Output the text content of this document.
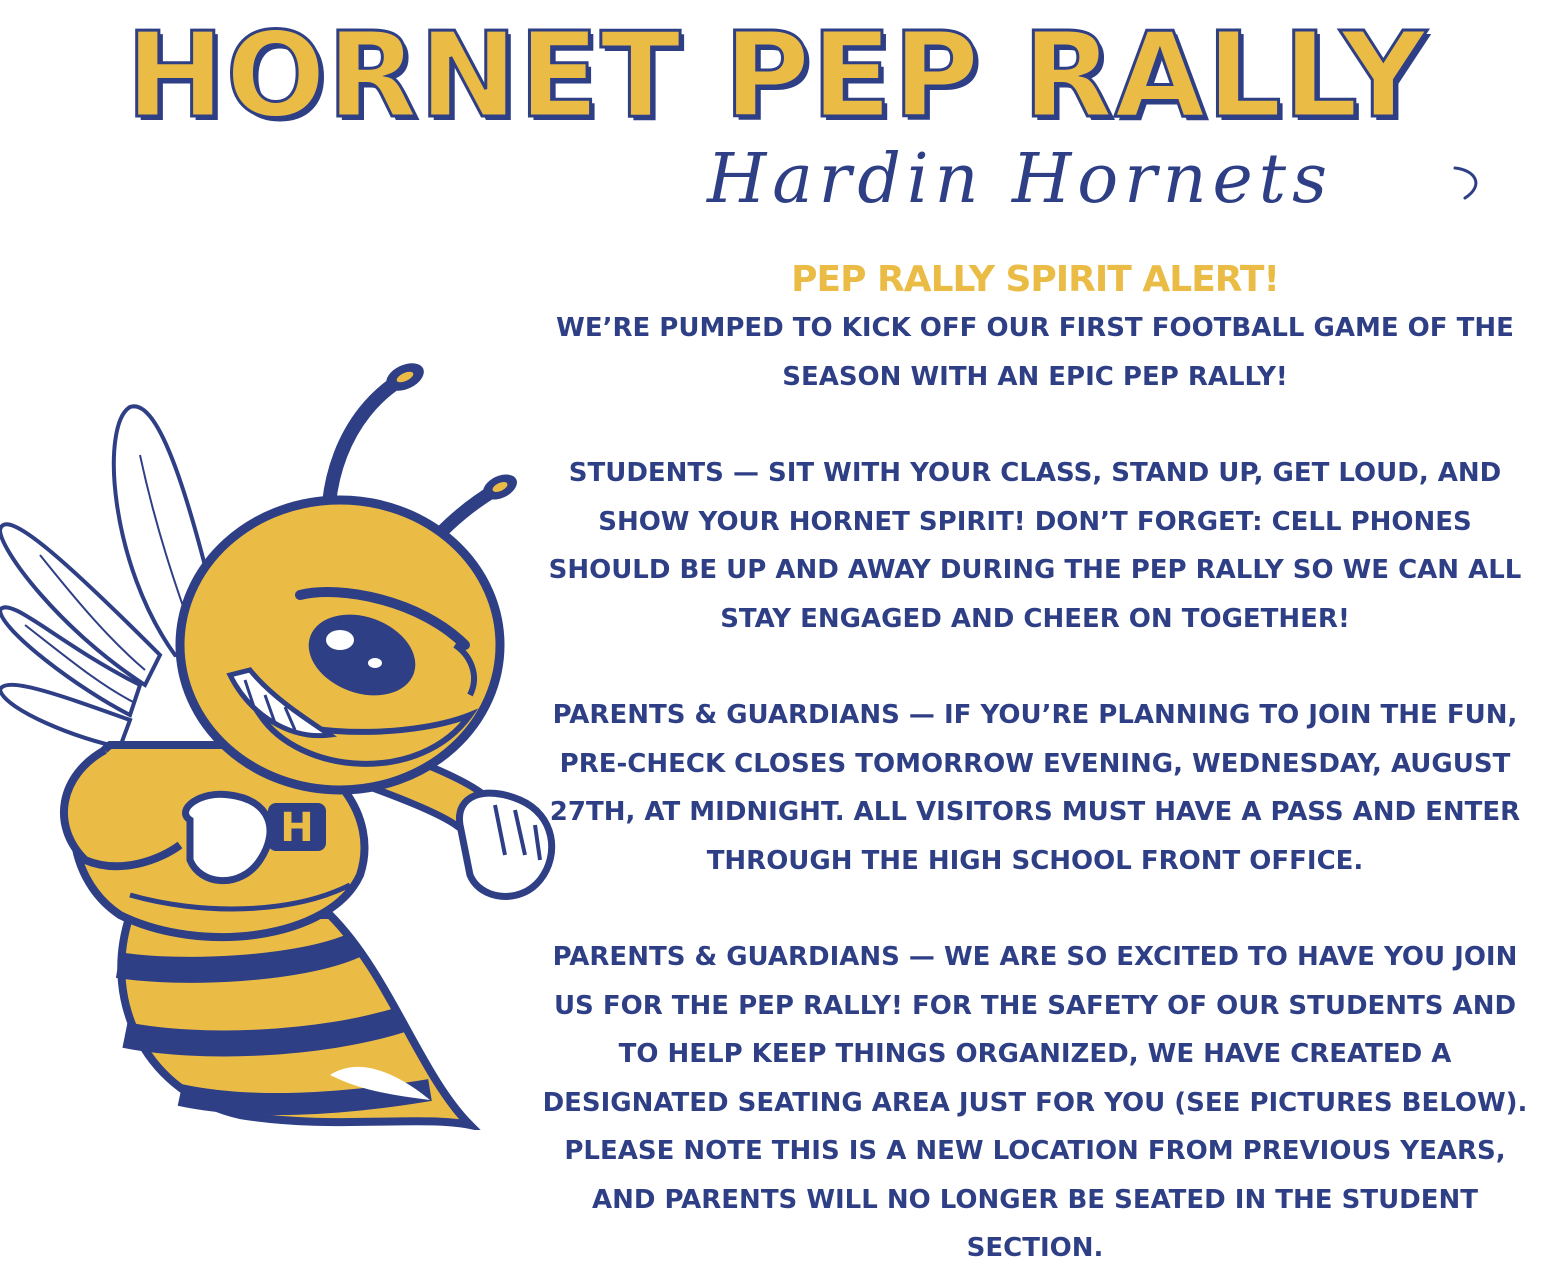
HORNET PEP RALLY
Hardin Hornets
H
PEP RALLY SPIRIT ALERT!

WE’RE PUMPED TO KICK OFF OUR FIRST FOOTBALL GAME OF THE SEASON WITH AN EPIC PEP RALLY!

STUDENTS — SIT WITH YOUR CLASS, STAND UP, GET LOUD, AND SHOW YOUR HORNET SPIRIT! DON’T FORGET: CELL PHONES SHOULD BE UP AND AWAY DURING THE PEP RALLY SO WE CAN ALL STAY ENGAGED AND CHEER ON TOGETHER!

PARENTS & GUARDIANS — IF YOU’RE PLANNING TO JOIN THE FUN, PRE-CHECK CLOSES TOMORROW EVENING, WEDNESDAY, AUGUST 27TH, AT MIDNIGHT. ALL VISITORS MUST HAVE A PASS AND ENTER THROUGH THE HIGH SCHOOL FRONT OFFICE.

PARENTS & GUARDIANS — WE ARE SO EXCITED TO HAVE YOU JOIN US FOR THE PEP RALLY! FOR THE SAFETY OF OUR STUDENTS AND TO HELP KEEP THINGS ORGANIZED, WE HAVE CREATED A DESIGNATED SEATING AREA JUST FOR YOU (SEE PICTURES BELOW). PLEASE NOTE THIS IS A NEW LOCATION FROM PREVIOUS YEARS, AND PARENTS WILL NO LONGER BE SEATED IN THE STUDENT SECTION.
